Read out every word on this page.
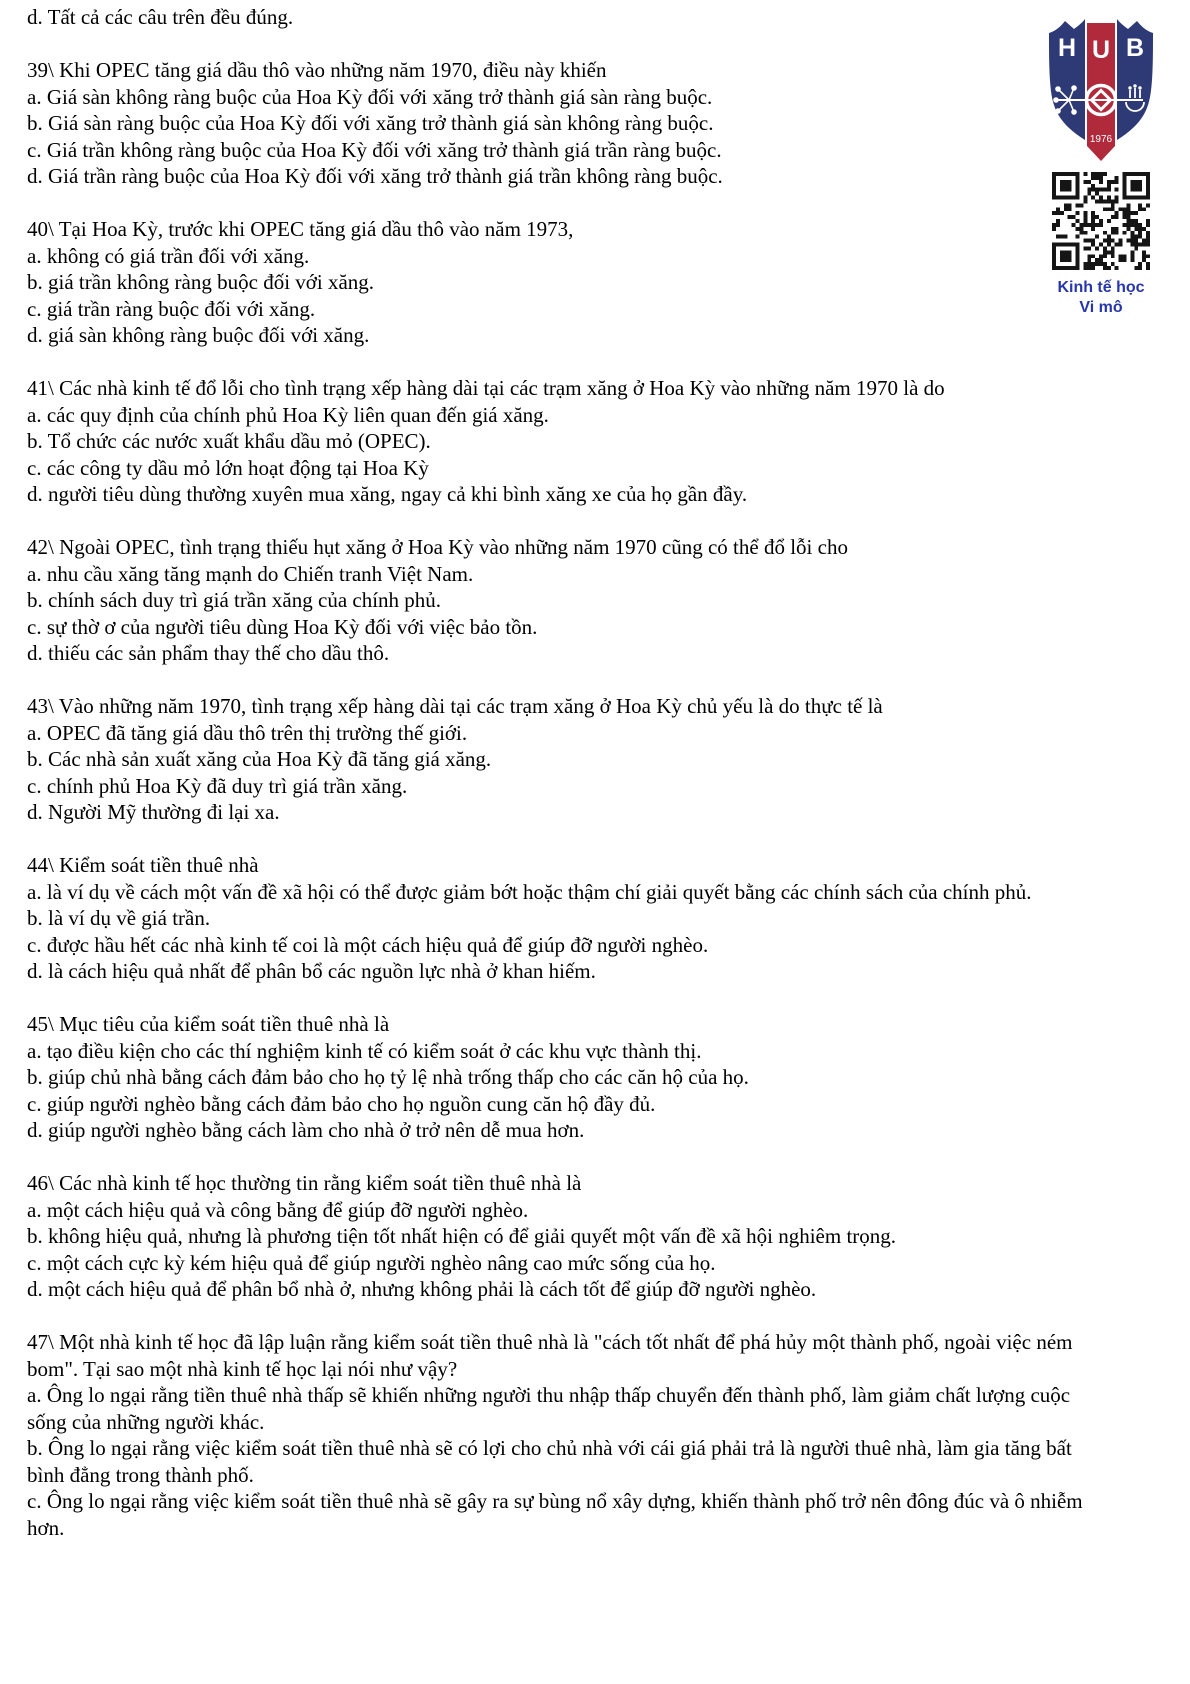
H U B
1976
Kinh tế học
Vi mô
d. Tất cả các câu trên đều đúng.
39\ Khi OPEC tăng giá dầu thô vào những năm 1970, điều này khiến
a. Giá sàn không ràng buộc của Hoa Kỳ đối với xăng trở thành giá sàn ràng buộc.
b. Giá sàn ràng buộc của Hoa Kỳ đối với xăng trở thành giá sàn không ràng buộc.
c. Giá trần không ràng buộc của Hoa Kỳ đối với xăng trở thành giá trần ràng buộc.
d. Giá trần ràng buộc của Hoa Kỳ đối với xăng trở thành giá trần không ràng buộc.
40\ Tại Hoa Kỳ, trước khi OPEC tăng giá dầu thô vào năm 1973,
a. không có giá trần đối với xăng.
b. giá trần không ràng buộc đối với xăng.
c. giá trần ràng buộc đối với xăng.
d. giá sàn không ràng buộc đối với xăng.
41\ Các nhà kinh tế đổ lỗi cho tình trạng xếp hàng dài tại các trạm xăng ở Hoa Kỳ vào những năm 1970 là do
a. các quy định của chính phủ Hoa Kỳ liên quan đến giá xăng.
b. Tổ chức các nước xuất khẩu dầu mỏ (OPEC).
c. các công ty dầu mỏ lớn hoạt động tại Hoa Kỳ
d. người tiêu dùng thường xuyên mua xăng, ngay cả khi bình xăng xe của họ gần đầy.
42\ Ngoài OPEC, tình trạng thiếu hụt xăng ở Hoa Kỳ vào những năm 1970 cũng có thể đổ lỗi cho
a. nhu cầu xăng tăng mạnh do Chiến tranh Việt Nam.
b. chính sách duy trì giá trần xăng của chính phủ.
c. sự thờ ơ của người tiêu dùng Hoa Kỳ đối với việc bảo tồn.
d. thiếu các sản phẩm thay thế cho dầu thô.
43\ Vào những năm 1970, tình trạng xếp hàng dài tại các trạm xăng ở Hoa Kỳ chủ yếu là do thực tế là
a. OPEC đã tăng giá dầu thô trên thị trường thế giới.
b. Các nhà sản xuất xăng của Hoa Kỳ đã tăng giá xăng.
c. chính phủ Hoa Kỳ đã duy trì giá trần xăng.
d. Người Mỹ thường đi lại xa.
44\ Kiểm soát tiền thuê nhà
a. là ví dụ về cách một vấn đề xã hội có thể được giảm bớt hoặc thậm chí giải quyết bằng các chính sách của chính phủ.
b. là ví dụ về giá trần.
c. được hầu hết các nhà kinh tế coi là một cách hiệu quả để giúp đỡ người nghèo.
d. là cách hiệu quả nhất để phân bổ các nguồn lực nhà ở khan hiếm.
45\ Mục tiêu của kiểm soát tiền thuê nhà là
a. tạo điều kiện cho các thí nghiệm kinh tế có kiểm soát ở các khu vực thành thị.
b. giúp chủ nhà bằng cách đảm bảo cho họ tỷ lệ nhà trống thấp cho các căn hộ của họ.
c. giúp người nghèo bằng cách đảm bảo cho họ nguồn cung căn hộ đầy đủ.
d. giúp người nghèo bằng cách làm cho nhà ở trở nên dễ mua hơn.
46\ Các nhà kinh tế học thường tin rằng kiểm soát tiền thuê nhà là
a. một cách hiệu quả và công bằng để giúp đỡ người nghèo.
b. không hiệu quả, nhưng là phương tiện tốt nhất hiện có để giải quyết một vấn đề xã hội nghiêm trọng.
c. một cách cực kỳ kém hiệu quả để giúp người nghèo nâng cao mức sống của họ.
d. một cách hiệu quả để phân bổ nhà ở, nhưng không phải là cách tốt để giúp đỡ người nghèo.
47\ Một nhà kinh tế học đã lập luận rằng kiểm soát tiền thuê nhà là "cách tốt nhất để phá hủy một thành phố, ngoài việc ném bom". Tại sao một nhà kinh tế học lại nói như vậy?
a. Ông lo ngại rằng tiền thuê nhà thấp sẽ khiến những người thu nhập thấp chuyển đến thành phố, làm giảm chất lượng cuộc sống của những người khác.
b. Ông lo ngại rằng việc kiểm soát tiền thuê nhà sẽ có lợi cho chủ nhà với cái giá phải trả là người thuê nhà, làm gia tăng bất bình đẳng trong thành phố.
c. Ông lo ngại rằng việc kiểm soát tiền thuê nhà sẽ gây ra sự bùng nổ xây dựng, khiến thành phố trở nên đông đúc và ô nhiễm hơn.
